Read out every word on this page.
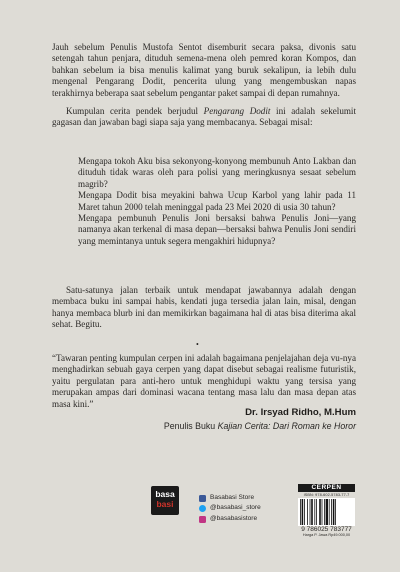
Jauh sebelum Penulis Mustofa Sentot disemburit secara paksa, divonis satu setengah tahun penjara, dituduh semena-mena oleh pemred koran Kompos, dan bahkan sebelum ia bisa menulis kalimat yang buruk sekalipun, ia lebih dulu mengenal Pengarang Dodit, pencerita ulung yang mengembuskan napas terakhirnya beberapa saat sebelum pengantar paket sampai di depan rumahnya.
Kumpulan cerita pendek berjudul Pengarang Dodit ini adalah sekelumit gagasan dan jawaban bagi siapa saja yang membacanya. Sebagai misal:
Mengapa tokoh Aku bisa sekonyong-konyong membunuh Anto Lakban dan dituduh tidak waras oleh para polisi yang meringkusnya sesaat sebelum magrib?
Mengapa Dodit bisa meyakini bahwa Ucup Karbol yang lahir pada 11 Maret tahun 2000 telah meninggal pada 23 Mei 2020 di usia 30 tahun?
Mengapa pembunuh Penulis Joni bersaksi bahwa Penulis Joni—yang namanya akan terkenal di masa depan—bersaksi bahwa Penulis Joni sendiri yang memintanya untuk segera mengakhiri hidupnya?
Satu-satunya jalan terbaik untuk mendapat jawabannya adalah dengan membaca buku ini sampai habis, kendati juga tersedia jalan lain, misal, dengan hanya membaca blurb ini dan memikirkan bagaimana hal di atas bisa diterima akal sehat. Begitu.
•
“Tawaran penting kumpulan cerpen ini adalah bagaimana penjelajahan deja vu-nya menghadirkan sebuah gaya cerpen yang dapat disebut sebagai realisme futuristik, yaitu pergulatan para anti-hero untuk menghidupi waktu yang tersisa yang merupakan ampas dari dominasi wacana tentang masa lalu dan masa depan atas masa kini.”
Dr. Irsyad Ridho, M.Hum
Penulis Buku Kajian Cerita: Dari Roman ke Horor
basa
basi
Basabasi Store
@basabasi_store
@basabasistore
CERPEN
ISBN: 978-602-5783-77-7
9 786025 783777
Harga P. Jawa Rp49.000,00
